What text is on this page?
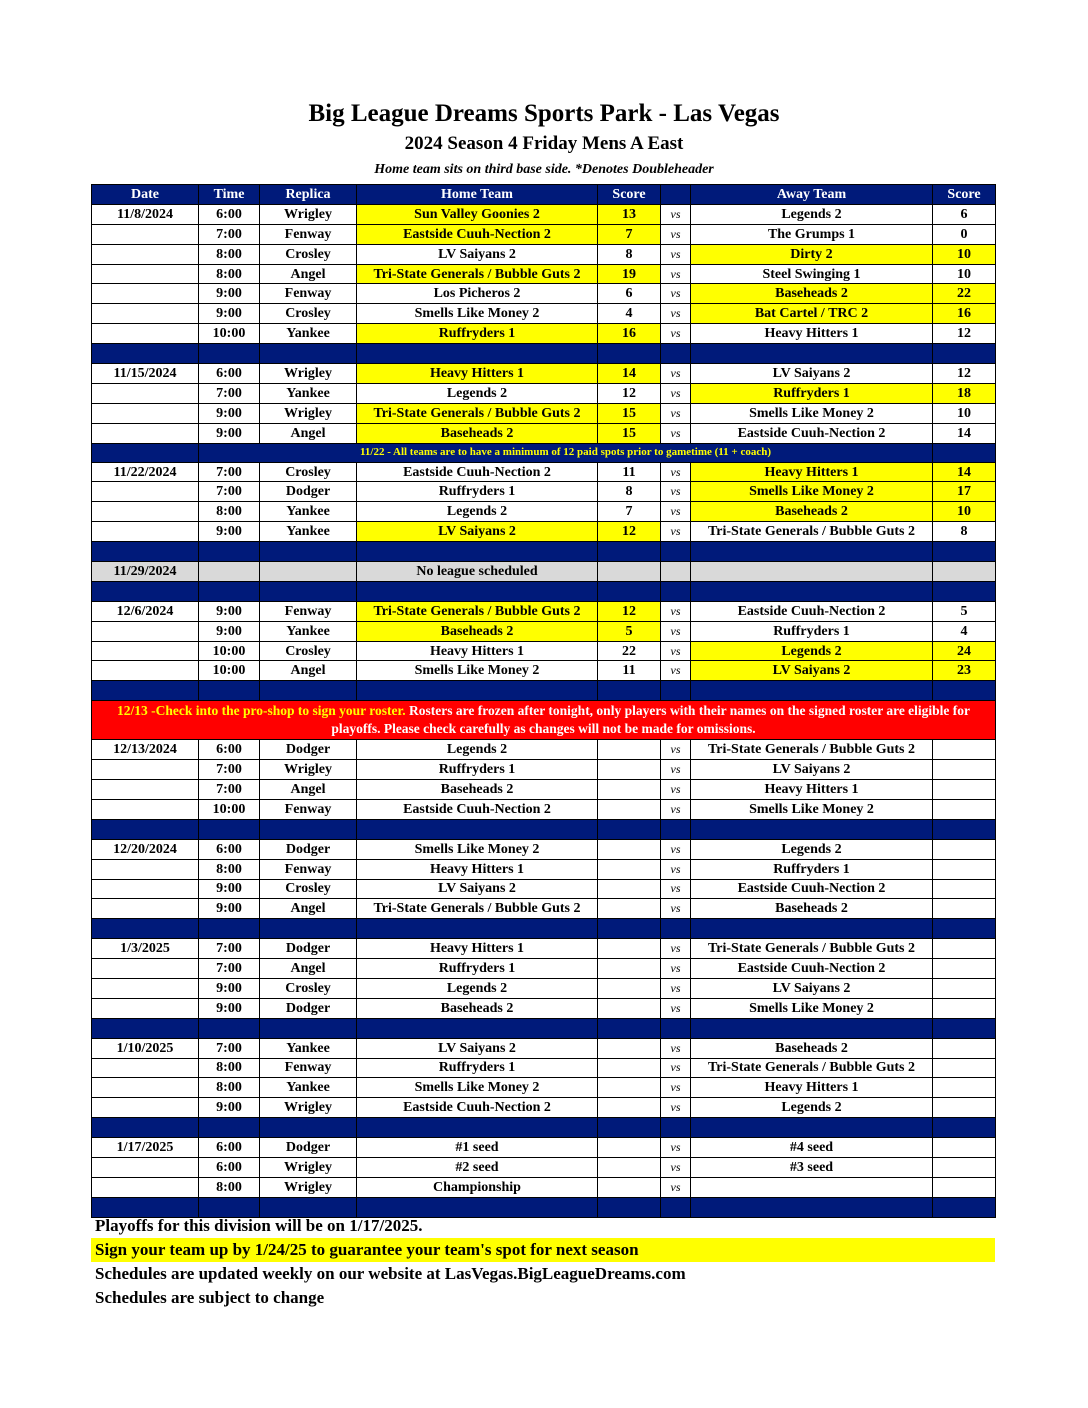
Big League Dreams Sports Park - Las Vegas
2024 Season 4 Friday Mens A East
Home team sits on third base side. *Denotes Doubleheader
Date	Time	Replica	Home Team	Score		Away Team	Score
11/8/2024	6:00	Wrigley	Sun Valley Goonies 2	13	vs	Legends 2	6
	7:00	Fenway	Eastside Cuuh-Nection 2	7	vs	The Grumps 1	0
	8:00	Crosley	LV Saiyans 2	8	vs	Dirty 2	10
	8:00	Angel	Tri-State Generals / Bubble Guts 2	19	vs	Steel Swinging 1	10
	9:00	Fenway	Los Picheros 2	6	vs	Baseheads 2	22
	9:00	Crosley	Smells Like Money 2	4	vs	Bat Cartel / TRC 2	16
	10:00	Yankee	Ruffryders 1	16	vs	Heavy Hitters 1	12

11/15/2024	6:00	Wrigley	Heavy Hitters 1	14	vs	LV Saiyans 2	12
	7:00	Yankee	Legends 2	12	vs	Ruffryders 1	18
	9:00	Wrigley	Tri-State Generals / Bubble Guts 2	15	vs	Smells Like Money 2	10
	9:00	Angel	Baseheads 2	15	vs	Eastside Cuuh-Nection 2	14
	11/22 - All teams are to have a minimum of 12 paid spots prior to gametime (11 + coach)						
11/22/2024	7:00	Crosley	Eastside Cuuh-Nection 2	11	vs	Heavy Hitters 1	14
	7:00	Dodger	Ruffryders 1	8	vs	Smells Like Money 2	17
	8:00	Yankee	Legends 2	7	vs	Baseheads 2	10
	9:00	Yankee	LV Saiyans 2	12	vs	Tri-State Generals / Bubble Guts 2	8

11/29/2024			No league scheduled				

12/6/2024	9:00	Fenway	Tri-State Generals / Bubble Guts 2	12	vs	Eastside Cuuh-Nection 2	5
	9:00	Yankee	Baseheads 2	5	vs	Ruffryders 1	4
	10:00	Crosley	Heavy Hitters 1	22	vs	Legends 2	24
	10:00	Angel	Smells Like Money 2	11	vs	LV Saiyans 2	23

12/13 -Check into the pro-shop to sign your roster. Rosters are frozen after tonight, only players with their names on the signed roster are eligible for playoffs. Please check carefully as changes will not be made for omissions.							
12/13/2024	6:00	Dodger	Legends 2		vs	Tri-State Generals / Bubble Guts 2	
	7:00	Wrigley	Ruffryders 1		vs	LV Saiyans 2	
	7:00	Angel	Baseheads 2		vs	Heavy Hitters 1	
	10:00	Fenway	Eastside Cuuh-Nection 2		vs	Smells Like Money 2	

12/20/2024	6:00	Dodger	Smells Like Money 2		vs	Legends 2	
	8:00	Fenway	Heavy Hitters 1		vs	Ruffryders 1	
	9:00	Crosley	LV Saiyans 2		vs	Eastside Cuuh-Nection 2	
	9:00	Angel	Tri-State Generals / Bubble Guts 2		vs	Baseheads 2	

1/3/2025	7:00	Dodger	Heavy Hitters 1		vs	Tri-State Generals / Bubble Guts 2	
	7:00	Angel	Ruffryders 1		vs	Eastside Cuuh-Nection 2	
	9:00	Crosley	Legends 2		vs	LV Saiyans 2	
	9:00	Dodger	Baseheads 2		vs	Smells Like Money 2	

1/10/2025	7:00	Yankee	LV Saiyans 2		vs	Baseheads 2	
	8:00	Fenway	Ruffryders 1		vs	Tri-State Generals / Bubble Guts 2	
	8:00	Yankee	Smells Like Money 2		vs	Heavy Hitters 1	
	9:00	Wrigley	Eastside Cuuh-Nection 2		vs	Legends 2	

1/17/2025	6:00	Dodger	#1 seed		vs	#4 seed	
	6:00	Wrigley	#2 seed		vs	#3 seed	
	8:00	Wrigley	Championship		vs		

Playoffs for this division will be on 1/17/2025.
Sign your team up by 1/24/25 to guarantee your team's spot for next season
Schedules are updated weekly on our website at LasVegas.BigLeagueDreams.com
Schedules are subject to change
